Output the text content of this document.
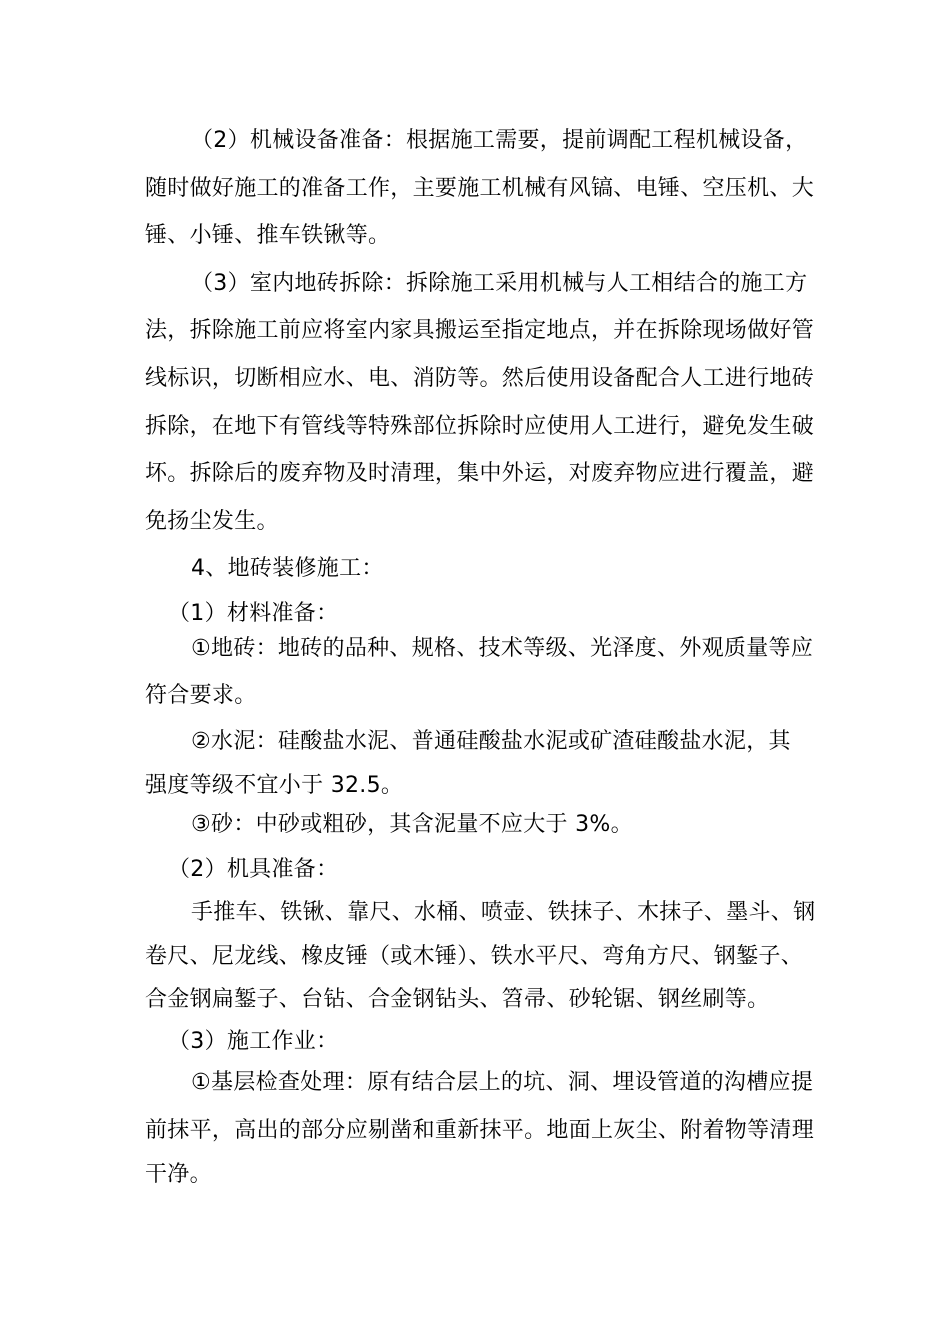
（2）机械设备准备：根据施工需要，提前调配工程机械设备，
随时做好施工的准备工作，主要施工机械有风镐、电锤、空压机、大
锤、小锤、推车铁锹等。
（3）室内地砖拆除：拆除施工采用机械与人工相结合的施工方
法，拆除施工前应将室内家具搬运至指定地点，并在拆除现场做好管
线标识，切断相应水、电、消防等。然后使用设备配合人工进行地砖
拆除，在地下有管线等特殊部位拆除时应使用人工进行，避免发生破
坏。拆除后的废弃物及时清理，集中外运，对废弃物应进行覆盖，避
免扬尘发生。
4、地砖装修施工：
（1）材料准备：
①地砖：地砖的品种、规格、技术等级、光泽度、外观质量等应
符合要求。
②水泥：硅酸盐水泥、普通硅酸盐水泥或矿渣硅酸盐水泥，其
强度等级不宜小于 32.5。
③砂：中砂或粗砂，其含泥量不应大于 3%。
（2）机具准备：
手推车、铁锹、靠尺、水桶、喷壶、铁抹子、木抹子、墨斗、钢
卷尺、尼龙线、橡皮锤（或木锤）、铁水平尺、弯角方尺、钢錾子、
合金钢扁錾子、台钻、合金钢钻头、笤帚、砂轮锯、钢丝刷等。
（3）施工作业：
①基层检查处理：原有结合层上的坑、洞、埋设管道的沟槽应提
前抹平，高出的部分应剔凿和重新抹平。地面上灰尘、附着物等清理
干净。
